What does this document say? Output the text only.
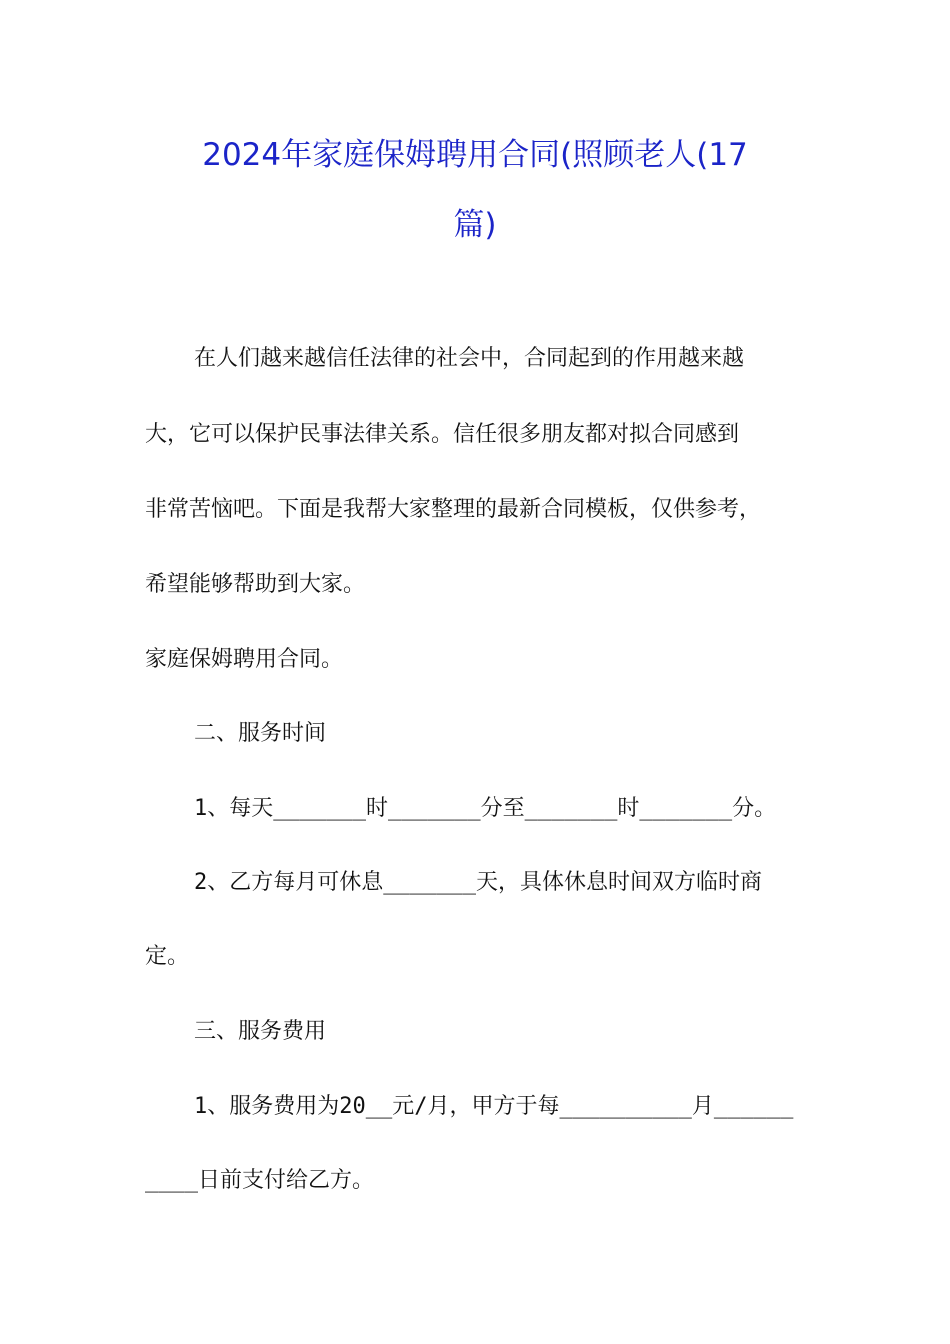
2024年家庭保姆聘用合同(照顾老人(17
篇)
在人们越来越信任法律的社会中，合同起到的作用越来越
大，它可以保护民事法律关系。信任很多朋友都对拟合同感到
非常苦恼吧。下面是我帮大家整理的最新合同模板，仅供参考，
希望能够帮助到大家。
家庭保姆聘用合同。
二、服务时间
1、每天_______时_______分至_______时_______分。
2、乙方每月可休息_______天，具体休息时间双方临时商
定。
三、服务费用
1、服务费用为20__元/月，甲方于每__________月______
____日前支付给乙方。
